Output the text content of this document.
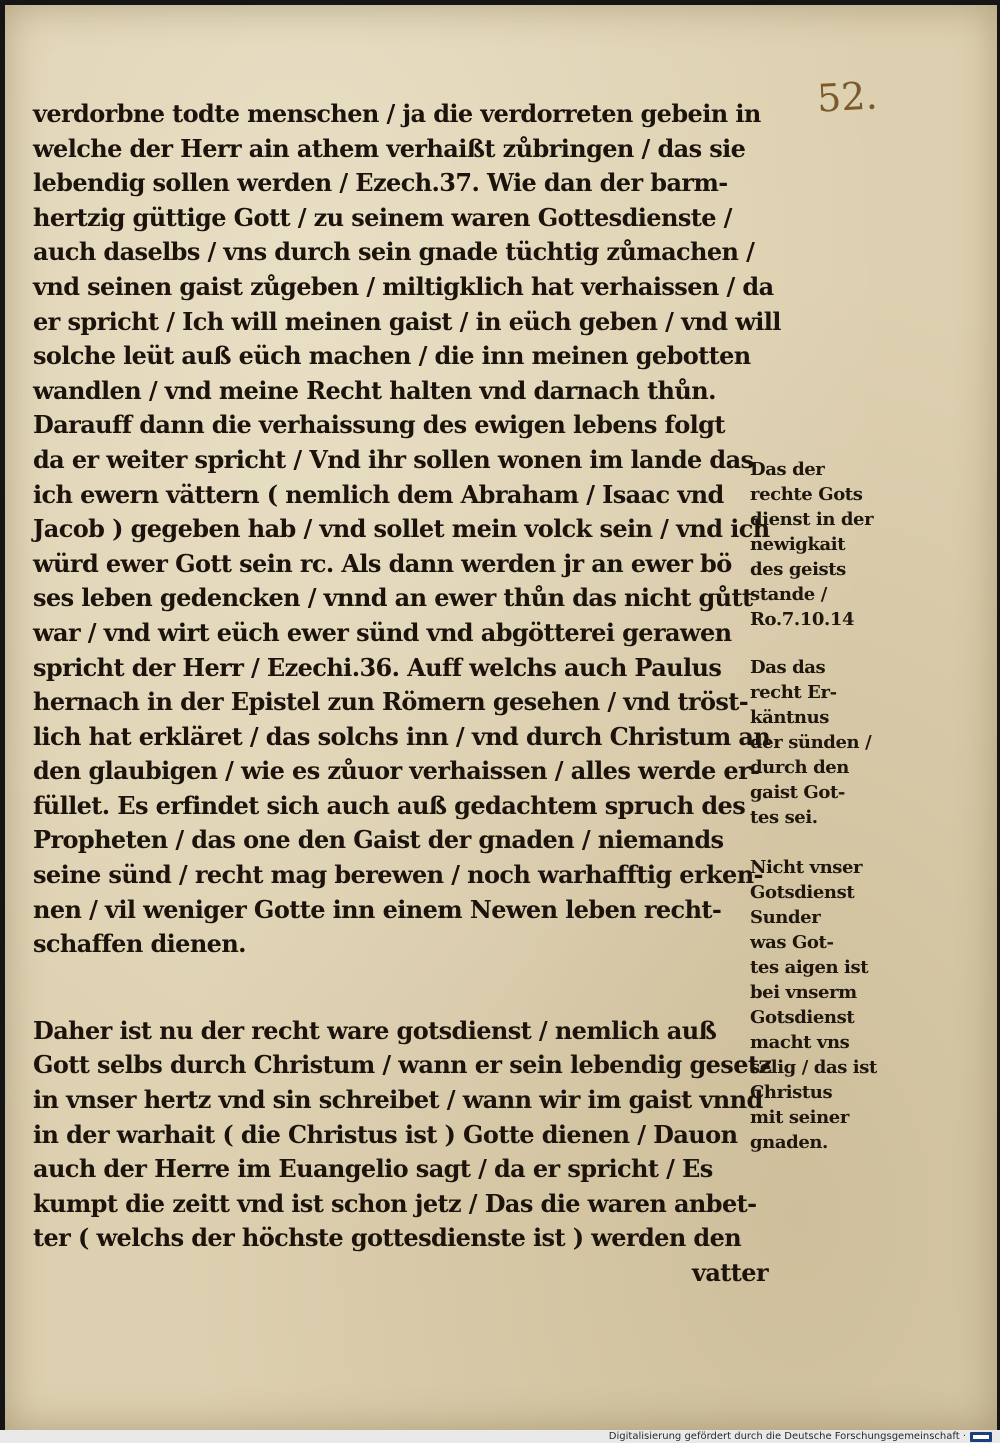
52.
verdorbne todte menschen / ja die verdorreten gebein in
welche der Herr ain athem verhaißt zůbringen / das sie
lebendig sollen werden / Ezech.37. Wie dan der barm-
hertzig güttige Gott / zu seinem waren Gottesdienste /
auch daselbs / vns durch sein gnade tüchtig zůmachen /
vnd seinen gaist zůgeben / miltigklich hat verhaissen / da
er spricht / Ich will meinen gaist / in eüch geben / vnd will
solche leüt auß eüch machen / die inn meinen gebotten
wandlen / vnd meine Recht halten vnd darnach thůn.
Darauff dann die verhaissung des ewigen lebens folgt
da er weiter spricht / Vnd ihr sollen wonen im lande das
ich ewern vättern ( nemlich dem Abraham / Isaac vnd
Jacob ) gegeben hab / vnd sollet mein volck sein / vnd ich
würd ewer Gott sein rc. Als dann werden jr an ewer bö
ses leben gedencken / vnnd an ewer thůn das nicht gůtt
war / vnd wirt eüch ewer sünd vnd abgötterei gerawen
spricht der Herr / Ezechi.36. Auff welchs auch Paulus
hernach in der Epistel zun Römern gesehen / vnd tröst-
lich hat erkläret / das solchs inn / vnd durch Christum an
den glaubigen / wie es zůuor verhaissen / alles werde er-
füllet. Es erfindet sich auch auß gedachtem spruch des
Propheten / das one den Gaist der gnaden / niemands
seine sünd / recht mag berewen / noch warhafftig erken-
nen / vil weniger Gotte inn einem Newen leben recht-
schaffen dienen.
Daher ist nu der recht ware gotsdienst / nemlich auß
Gott selbs durch Christum / wann er sein lebendig gesetz
in vnser hertz vnd sin schreibet / wann wir im gaist vnnd
in der warhait ( die Christus ist ) Gotte dienen / Dauon
auch der Herre im Euangelio sagt / da er spricht / Es
kumpt die zeitt vnd ist schon jetz / Das die waren anbet-
ter ( welchs der höchste gottesdienste ist ) werden den
vatter
Das der
rechte Gots
dienst in der
newigkait
des geists
stande /
Ro.7.10.14
Das das
recht Er-
käntnus
der sünden /
durch den
gaist Got-
tes sei.
Nicht vnser
Gotsdienst
Sunder
was Got-
tes aigen ist
bei vnserm
Gotsdienst
macht vns
selig / das ist
Christus
mit seiner
gnaden.
Digitalisierung gefördert durch die Deutsche Forschungsgemeinschaft ·
